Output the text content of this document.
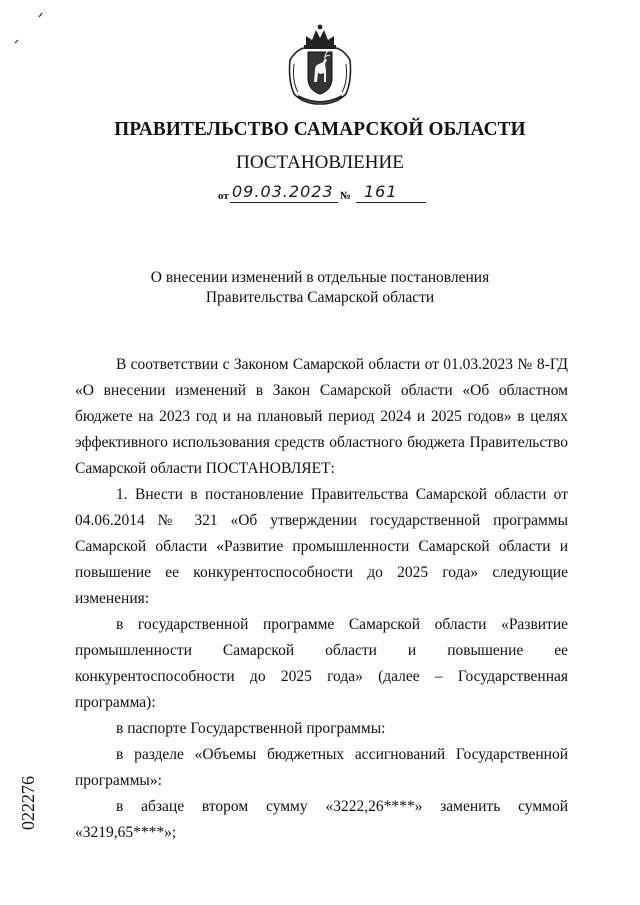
ПРАВИТЕЛЬСТВО САМАРСКОЙ ОБЛАСТИ
ПОСТАНОВЛЕНИЕ
от 09.03.2023 № 161
О внесении изменений в отдельные постановления
Правительства Самарской области

В соответствии с Законом Самарской области от 01.03.2023 № 8-ГД «О внесении изменений в Закон Самарской области «Об областном бюджете на 2023 год и на плановый период 2024 и 2025 годов» в целях эффективного использования средств областного бюджета Правительство Самарской области ПОСТАНОВЛЯЕТ:

1. Внести в постановление Правительства Самарской области от 04.06.2014 № 321 «Об утверждении государственной программы Самарской области «Развитие промышленности Самарской области и повышение ее конкурентоспособности до 2025 года» следующие изменения:

в государственной программе Самарской области «Развитие промышленности Самарской области и повышение ее конкурентоспособности до 2025 года» (далее – Государственная программа):

в паспорте Государственной программы:

в разделе «Объемы бюджетных ассигнований Государственной программы»:

в абзаце втором сумму «3222,26****» заменить суммой «3219,65****»;

022276
